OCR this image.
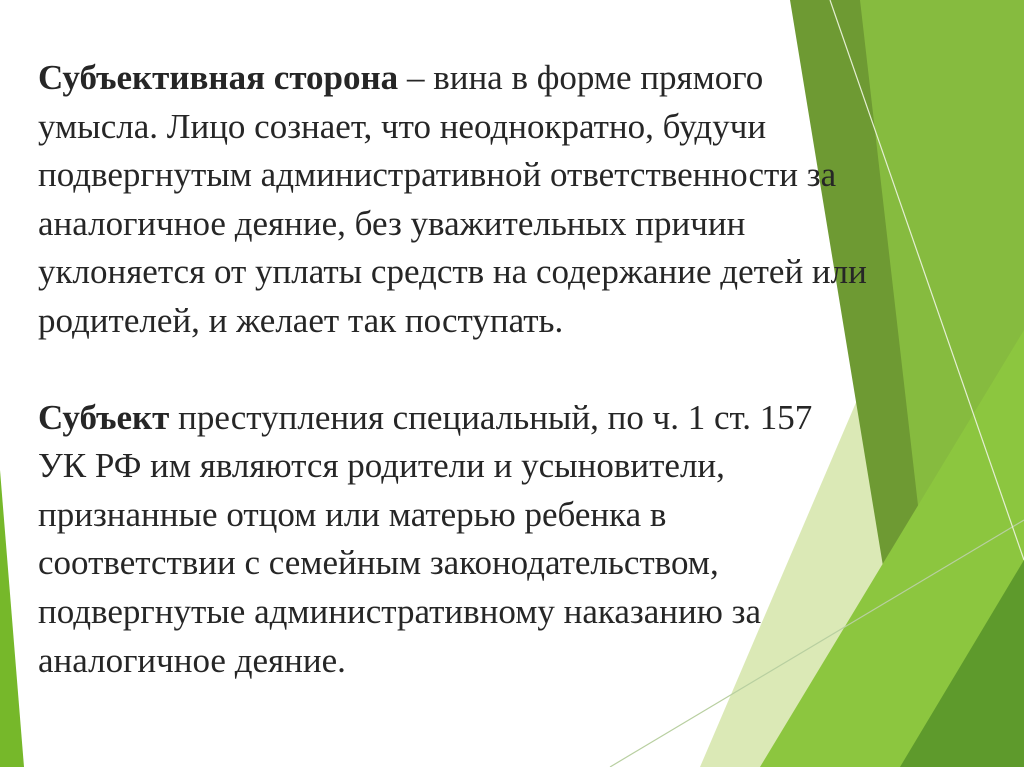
Субъективная сторона – вина в форме прямого
умысла. Лицо сознает, что неоднократно, будучи
подвергнутым административной ответственности за
аналогичное деяние, без уважительных причин
уклоняется от уплаты средств на содержание детей или
родителей, и желает так поступать.

Субъект преступления специальный, по ч. 1 ст. 157
УК РФ им являются родители и усыновители,
признанные отцом или матерью ребенка в
соответствии с семейным законодательством,
подвергнутые административному наказанию за
аналогичное деяние.
